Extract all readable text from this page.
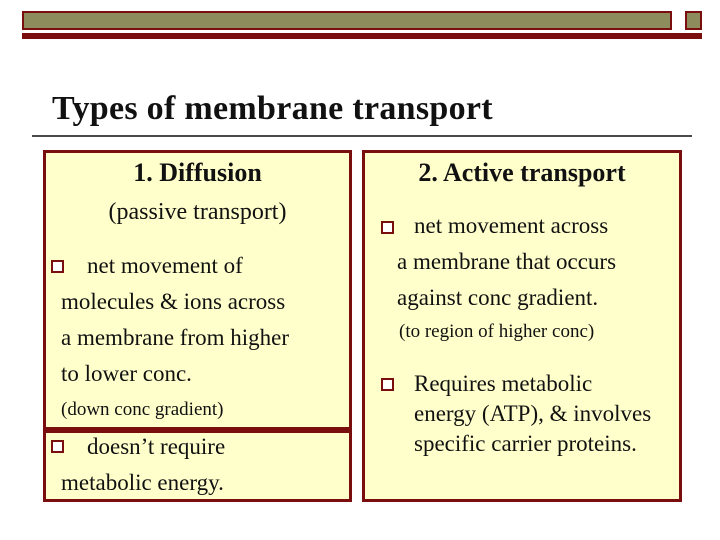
Types of membrane transport
1. Diffusion
(passive transport)
net movement of
molecules & ions across
a membrane from higher
to lower conc.
(down conc gradient)
doesn’t require
metabolic energy.
2. Active transport
net movement across
a membrane that occurs
against conc gradient.
(to region of higher conc)
Requires metabolic
energy (ATP), & involves
specific carrier proteins.
